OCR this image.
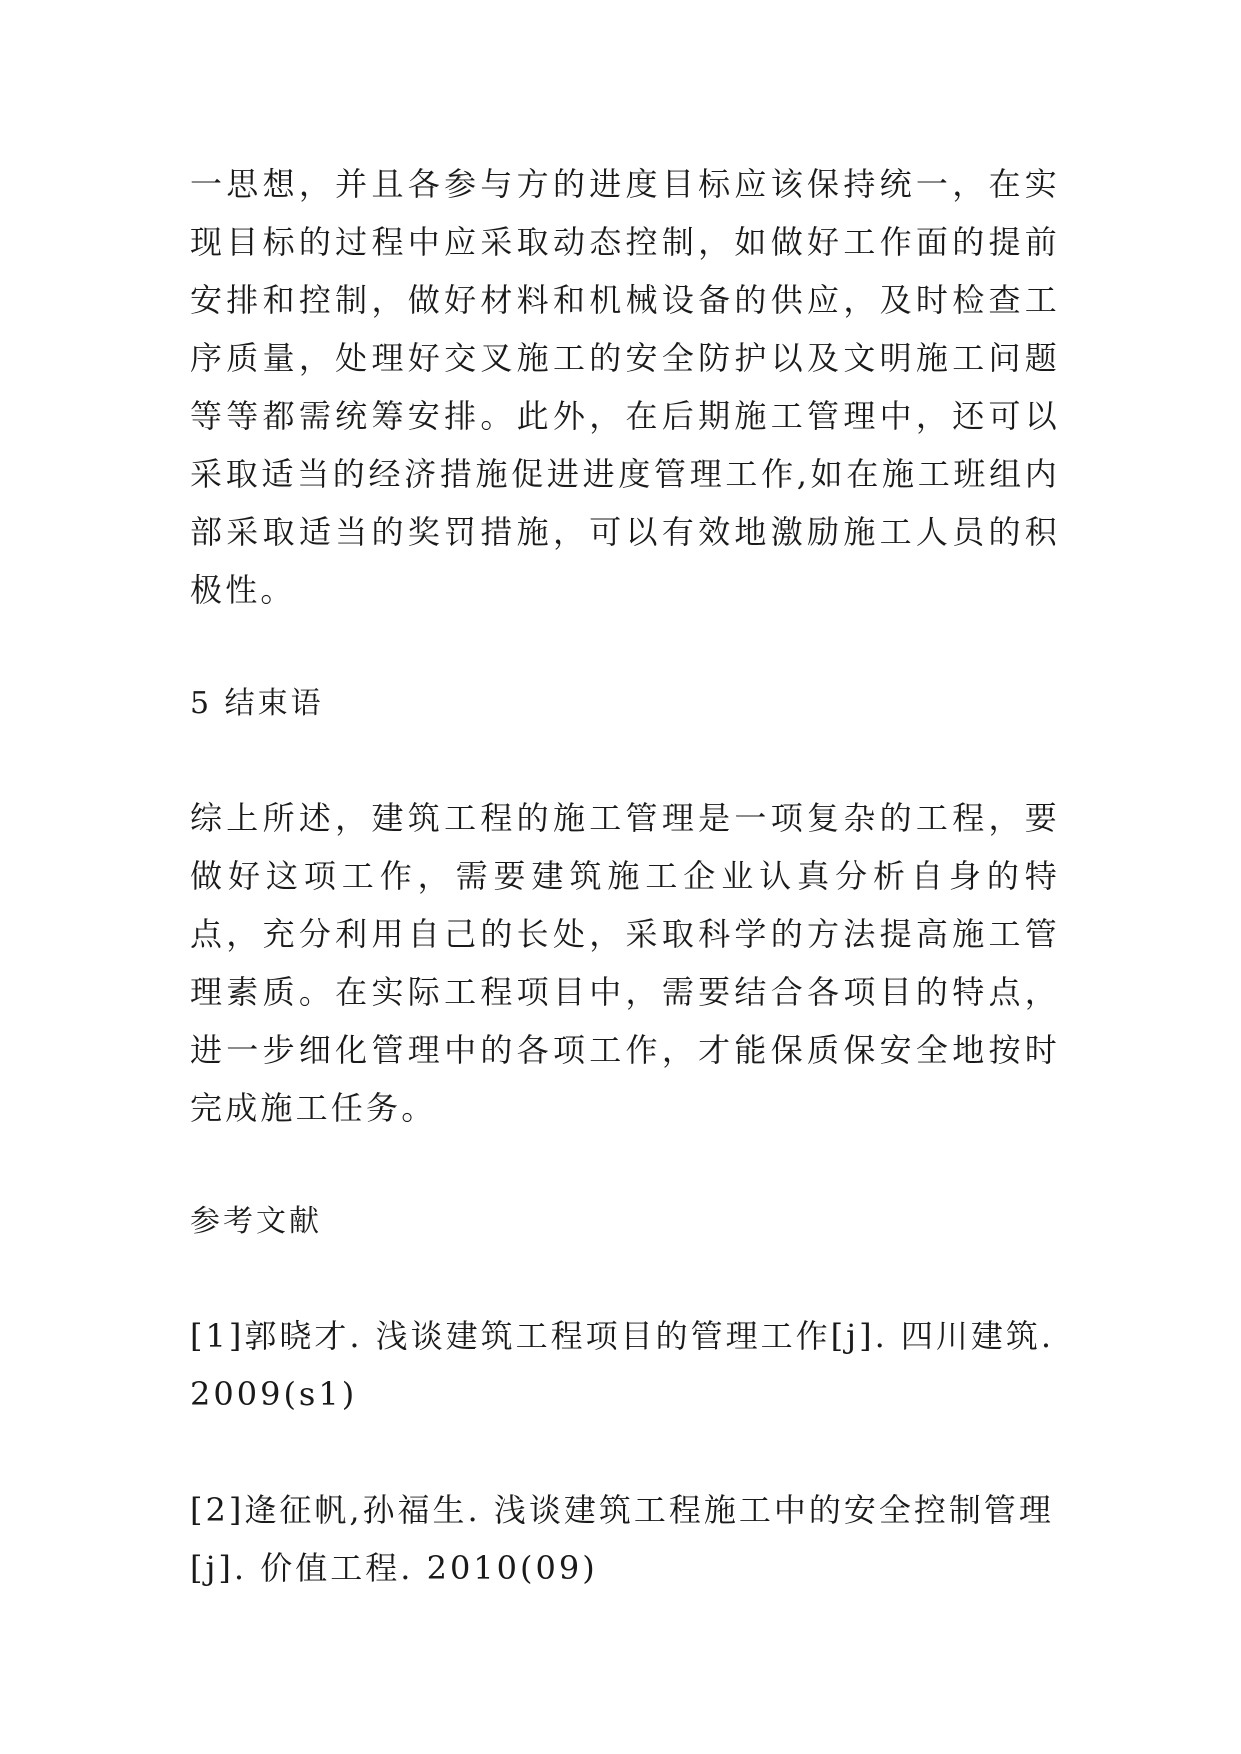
一思想，并且各参与方的进度目标应该保持统一，在实现目标的过程中应采取动态控制，如做好工作面的提前安排和控制，做好材料和机械设备的供应，及时检查工序质量，处理好交叉施工的安全防护以及文明施工问题等等都需统筹安排。此外，在后期施工管理中，还可以采取适当的经济措施促进进度管理工作,如在施工班组内部采取适当的奖罚措施，可以有效地激励施工人员的积极性。

5 结束语

综上所述，建筑工程的施工管理是一项复杂的工程，要做好这项工作，需要建筑施工企业认真分析自身的特点，充分利用自己的长处，采取科学的方法提高施工管理素质。在实际工程项目中，需要结合各项目的特点，进一步细化管理中的各项工作，才能保质保安全地按时完成施工任务。

参考文献

[1]郭晓才. 浅谈建筑工程项目的管理工作[j]. 四川建筑. 2009(s1)

[2]逄征帆,孙福生. 浅谈建筑工程施工中的安全控制管理[j]. 价值工程. 2010(09)
